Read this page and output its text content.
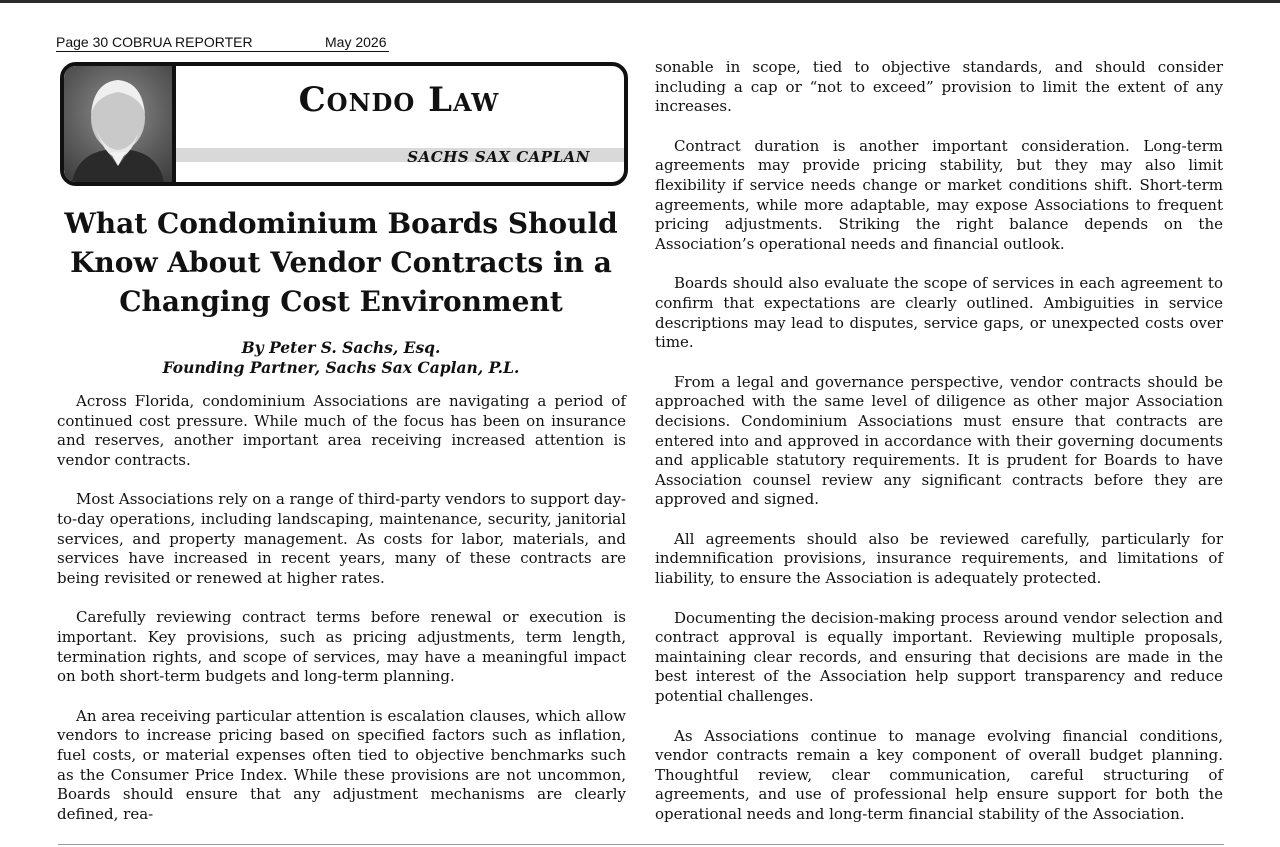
Page 30 COBRUA REPORTER	May 2026
Condo Law
SACHS SAX CAPLAN
What Condominium Boards Should Know About Vendor Contracts in a Changing Cost Environment
By Peter S. Sachs, Esq.
Founding Partner, Sachs Sax Caplan, P.L.

Across Florida, condominium Associations are navigating a period of continued cost pressure. While much of the focus has been on insurance and reserves, another important area receiving increased attention is vendor contracts.

Most Associations rely on a range of third-party vendors to support day-to-day operations, including landscaping, maintenance, security, janitorial services, and property management. As costs for labor, materials, and services have increased in recent years, many of these contracts are being revisited or renewed at higher rates.

Carefully reviewing contract terms before renewal or execution is important. Key provisions, such as pricing adjustments, term length, termination rights, and scope of services, may have a meaningful impact on both short-term budgets and long-term planning.

An area receiving particular attention is escalation clauses, which allow vendors to increase pricing based on specified factors such as inflation, fuel costs, or material expenses often tied to objective benchmarks such as the Consumer Price Index. While these provisions are not uncommon, Boards should ensure that any adjustment mechanisms are clearly defined, rea-

sonable in scope, tied to objective standards, and should consider including a cap or “not to exceed” provision to limit the extent of any increases.

Contract duration is another important consideration. Long-term agreements may provide pricing stability, but they may also limit flexibility if service needs change or market conditions shift. Short-term agreements, while more adaptable, may expose Associations to frequent pricing adjustments. Striking the right balance depends on the Association’s operational needs and financial outlook.

Boards should also evaluate the scope of services in each agreement to confirm that expectations are clearly outlined. Ambiguities in service descriptions may lead to disputes, service gaps, or unexpected costs over time.

From a legal and governance perspective, vendor contracts should be approached with the same level of diligence as other major Association decisions. Condominium Associations must ensure that contracts are entered into and approved in accordance with their governing documents and applicable statutory requirements. It is prudent for Boards to have Association counsel review any significant contracts before they are approved and signed.

All agreements should also be reviewed carefully, particularly for indemnification provisions, insurance requirements, and limitations of liability, to ensure the Association is adequately protected.

Documenting the decision-making process around vendor selection and contract approval is equally important. Reviewing multiple proposals, maintaining clear records, and ensuring that decisions are made in the best interest of the Association help support transparency and reduce potential challenges.

As Associations continue to manage evolving financial conditions, vendor contracts remain a key component of overall budget planning. Thoughtful review, clear communication, careful structuring of agreements, and use of professional help ensure support for both the operational needs and long-term financial stability of the Association.
